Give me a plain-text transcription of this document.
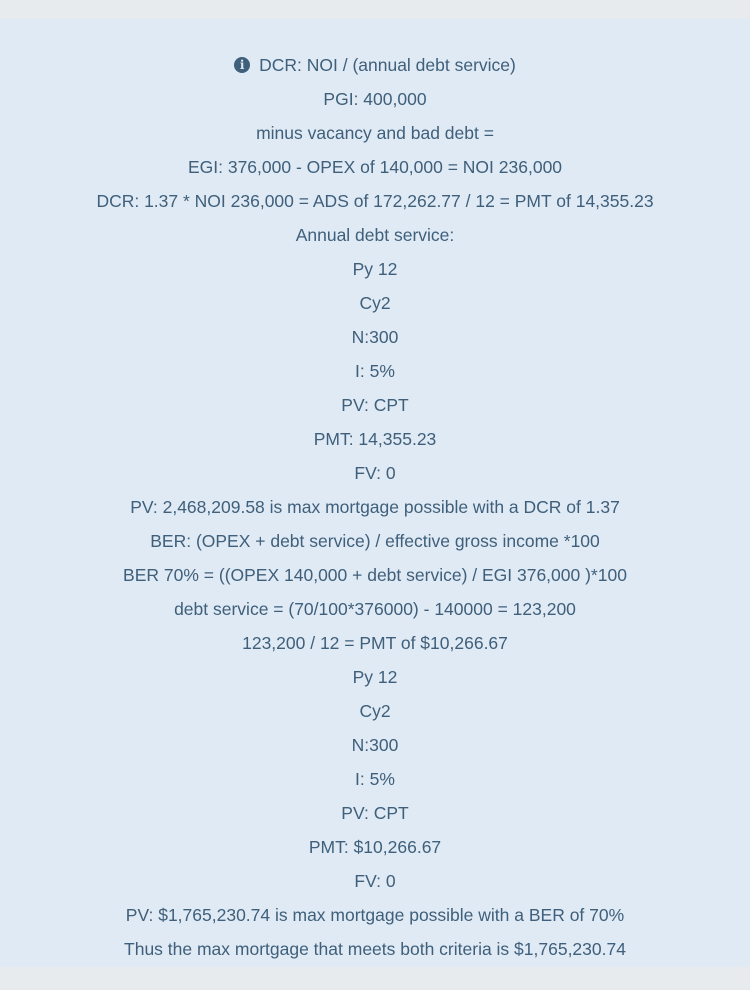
i DCR: NOI / (annual debt service)
PGI: 400,000
minus vacancy and bad debt =
EGI: 376,000 - OPEX of 140,000 = NOI 236,000
DCR: 1.37 * NOI 236,000 = ADS of 172,262.77 / 12 = PMT of 14,355.23
Annual debt service:
Py 12
Cy2
N:300
I: 5%
PV: CPT
PMT: 14,355.23
FV: 0
PV: 2,468,209.58 is max mortgage possible with a DCR of 1.37
BER: (OPEX + debt service) / effective gross income *100
BER 70% = ((OPEX 140,000 + debt service) / EGI 376,000 )*100
debt service = (70/100*376000) - 140000 = 123,200
123,200 / 12 = PMT of $10,266.67
Py 12
Cy2
N:300
I: 5%
PV: CPT
PMT: $10,266.67
FV: 0
PV: $1,765,230.74 is max mortgage possible with a BER of 70%
Thus the max mortgage that meets both criteria is $1,765,230.74
